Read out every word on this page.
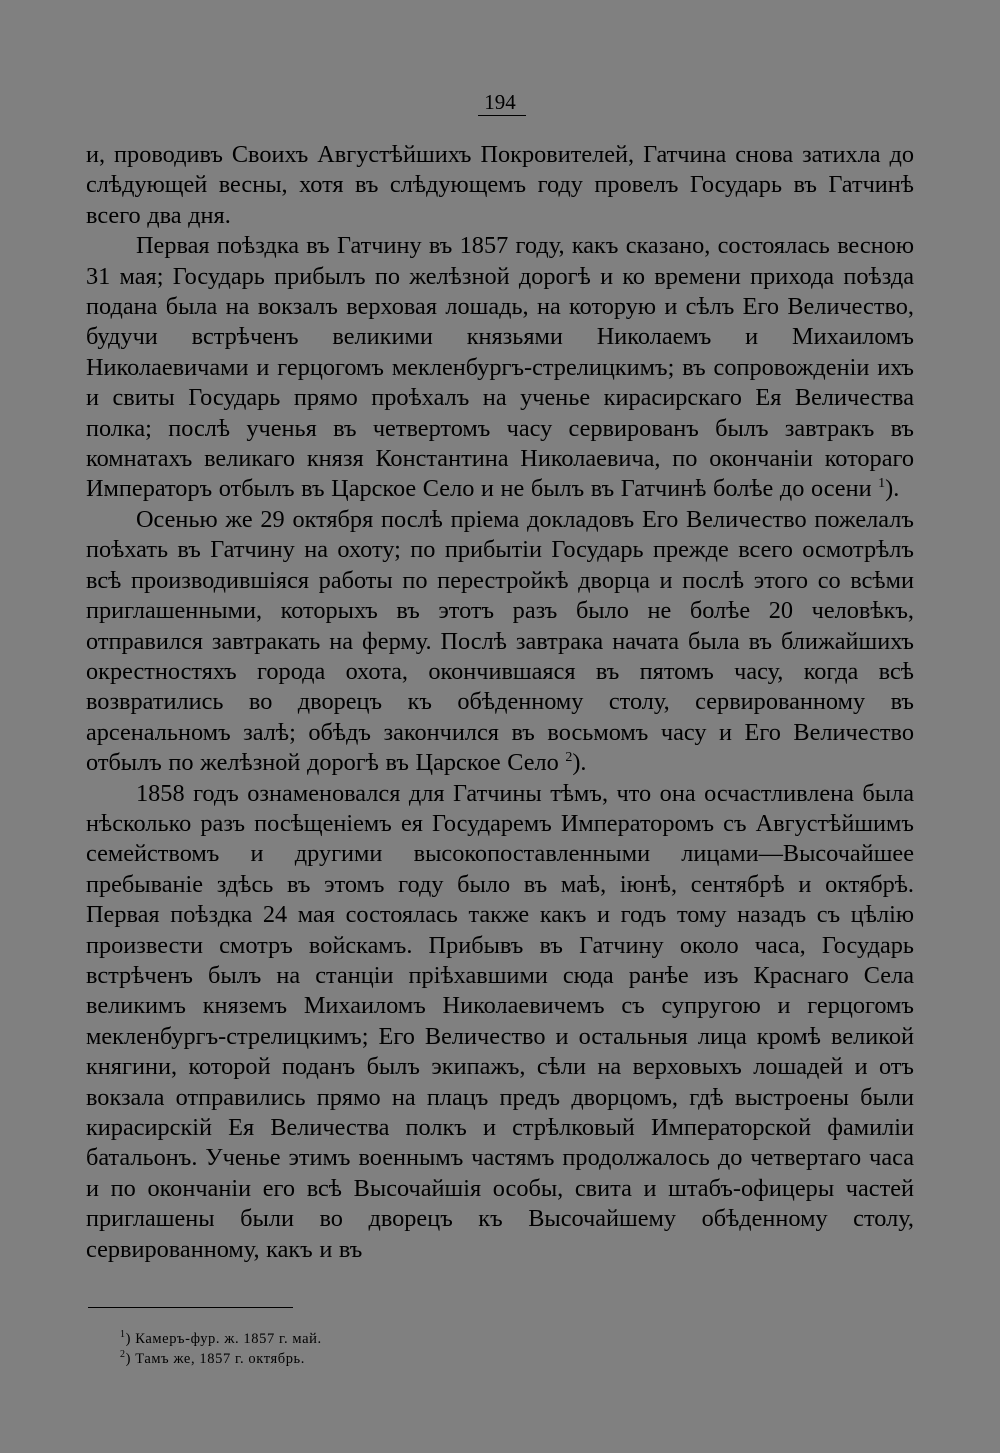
194

и, проводивъ Своихъ Августѣйшихъ Покровителей, Гатчина снова затихла до слѣдующей весны, хотя въ слѣдующемъ году провелъ Государь въ Гатчинѣ всего два дня.

Первая поѣздка въ Гатчину въ 1857 году, какъ сказано, состоялась весною 31 мая; Государь прибылъ по желѣзной дорогѣ и ко времени прихода поѣзда подана была на вокзалъ верховая лошадь, на которую и сѣлъ Его Величество, будучи встрѣченъ великими князьями Николаемъ и Михаиломъ Николаевичами и герцогомъ мекленбургъ-стрелицкимъ; въ сопровожденіи ихъ и свиты Государь прямо проѣхалъ на ученье кирасирскаго Ея Величества полка; послѣ ученья въ четвертомъ часу сервированъ былъ завтракъ въ комнатахъ великаго князя Константина Николаевича, по окончаніи котораго Императоръ отбылъ въ Царское Село и не былъ въ Гатчинѣ болѣе до осени $^1$).

Осенью же 29 октября послѣ пріема докладовъ Его Величество пожелалъ поѣхать въ Гатчину на охоту; по прибытіи Государь прежде всего осмотрѣлъ всѣ производившіяся работы по перестройкѣ дворца и послѣ этого со всѣми приглашенными, которыхъ въ этотъ разъ было не болѣе 20 человѣкъ, отправился завтракать на ферму. Послѣ завтрака начата была въ ближайшихъ окрестностяхъ города охота, окончившаяся въ пятомъ часу, когда всѣ возвратились во дворецъ къ обѣденному столу, сервированному въ арсенальномъ залѣ; обѣдъ закончился въ восьмомъ часу и Его Величество отбылъ по желѣзной дорогѣ въ Царское Село $^2$).

1858 годъ ознаменовался для Гатчины тѣмъ, что она осчастливлена была нѣсколько разъ посѣщеніемъ ея Государемъ Императоромъ съ Августѣйшимъ семействомъ и другими высокопоставленными лицами—Высочайшее пребываніе здѣсь въ этомъ году было въ маѣ, іюнѣ, сентябрѣ и октябрѣ. Первая поѣздка 24 мая состоялась также какъ и годъ тому назадъ съ цѣлію произвести смотръ войскамъ. Прибывъ въ Гатчину около часа, Государь встрѣченъ былъ на станціи пріѣхавшими сюда ранѣе изъ Краснаго Села великимъ княземъ Михаиломъ Николаевичемъ съ супругою и герцогомъ мекленбургъ-стрелицкимъ; Его Величество и остальныя лица кромѣ великой княгини, которой поданъ былъ экипажъ, сѣли на верховыхъ лошадей и отъ вокзала отправились прямо на плацъ предъ дворцомъ, гдѣ выстроены были кирасирскій Ея Величества полкъ и стрѣлковый Императорской фамиліи батальонъ. Ученье этимъ военнымъ частямъ продолжалось до четвертаго часа и по окончаніи его всѣ Высочайшія особы, свита и штабъ-офицеры частей приглашены были во дворецъ къ Высочайшему обѣденному столу, сервированному, какъ и въ

$^1$) Камеръ-фур. ж. 1857 г. май.

$^2$) Тамъ же, 1857 г. октябрь.
